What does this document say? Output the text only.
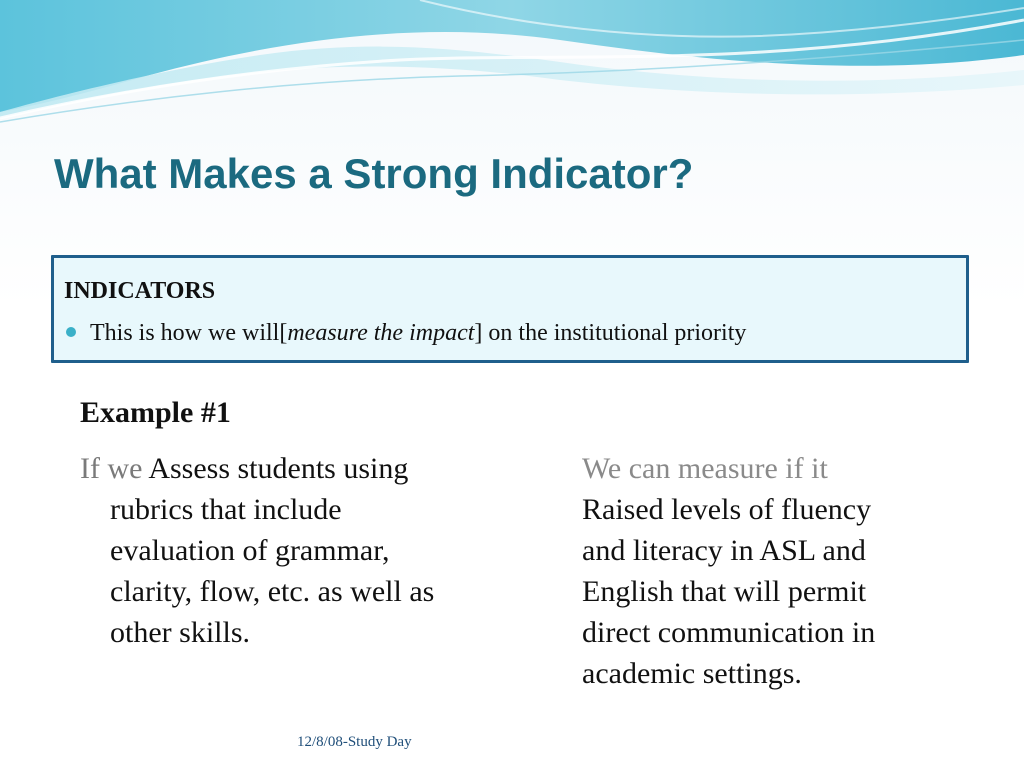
What Makes a Strong Indicator?
INDICATORS
This is how we will[measure the impact] on the institutional priority
Example #1
If we Assess students using
rubrics that include
evaluation of grammar,
clarity, flow, etc. as well as
other skills.
We can measure if it
Raised levels of fluency
and literacy in ASL and
English that will permit
direct communication in
academic settings.
12/8/08-Study Day
